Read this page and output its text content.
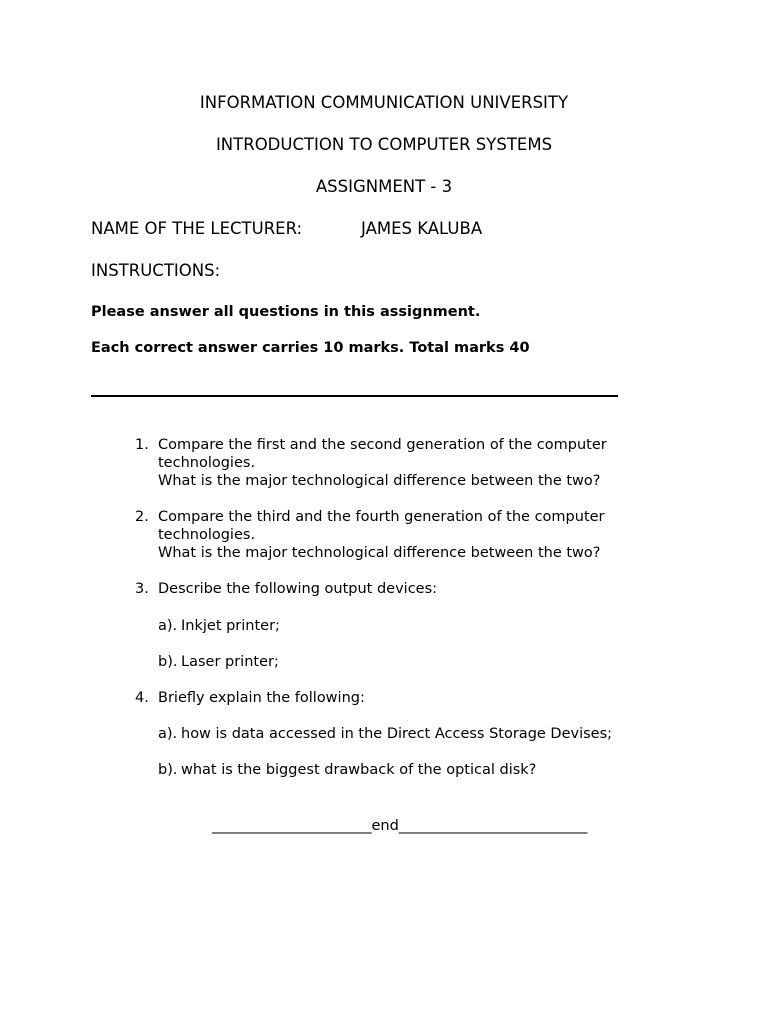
INFORMATION COMMUNICATION UNIVERSITY
INTRODUCTION TO COMPUTER SYSTEMS
ASSIGNMENT - 3
NAME OF THE LECTURER:	JAMES KALUBA
INSTRUCTIONS:
Please answer all questions in this assignment.
Each correct answer carries 10 marks. Total marks 40
1. Compare the first and the second generation of the computer
technologies.
What is the major technological difference between the two?
2. Compare the third and the fourth generation of the computer
technologies.
What is the major technological difference between the two?
3. Describe the following output devices:
a). Inkjet printer;
b). Laser printer;
4. Briefly explain the following:
a). how is data accessed in the Direct Access Storage Devises;
b). what is the biggest drawback of the optical disk?
______________________end__________________________
